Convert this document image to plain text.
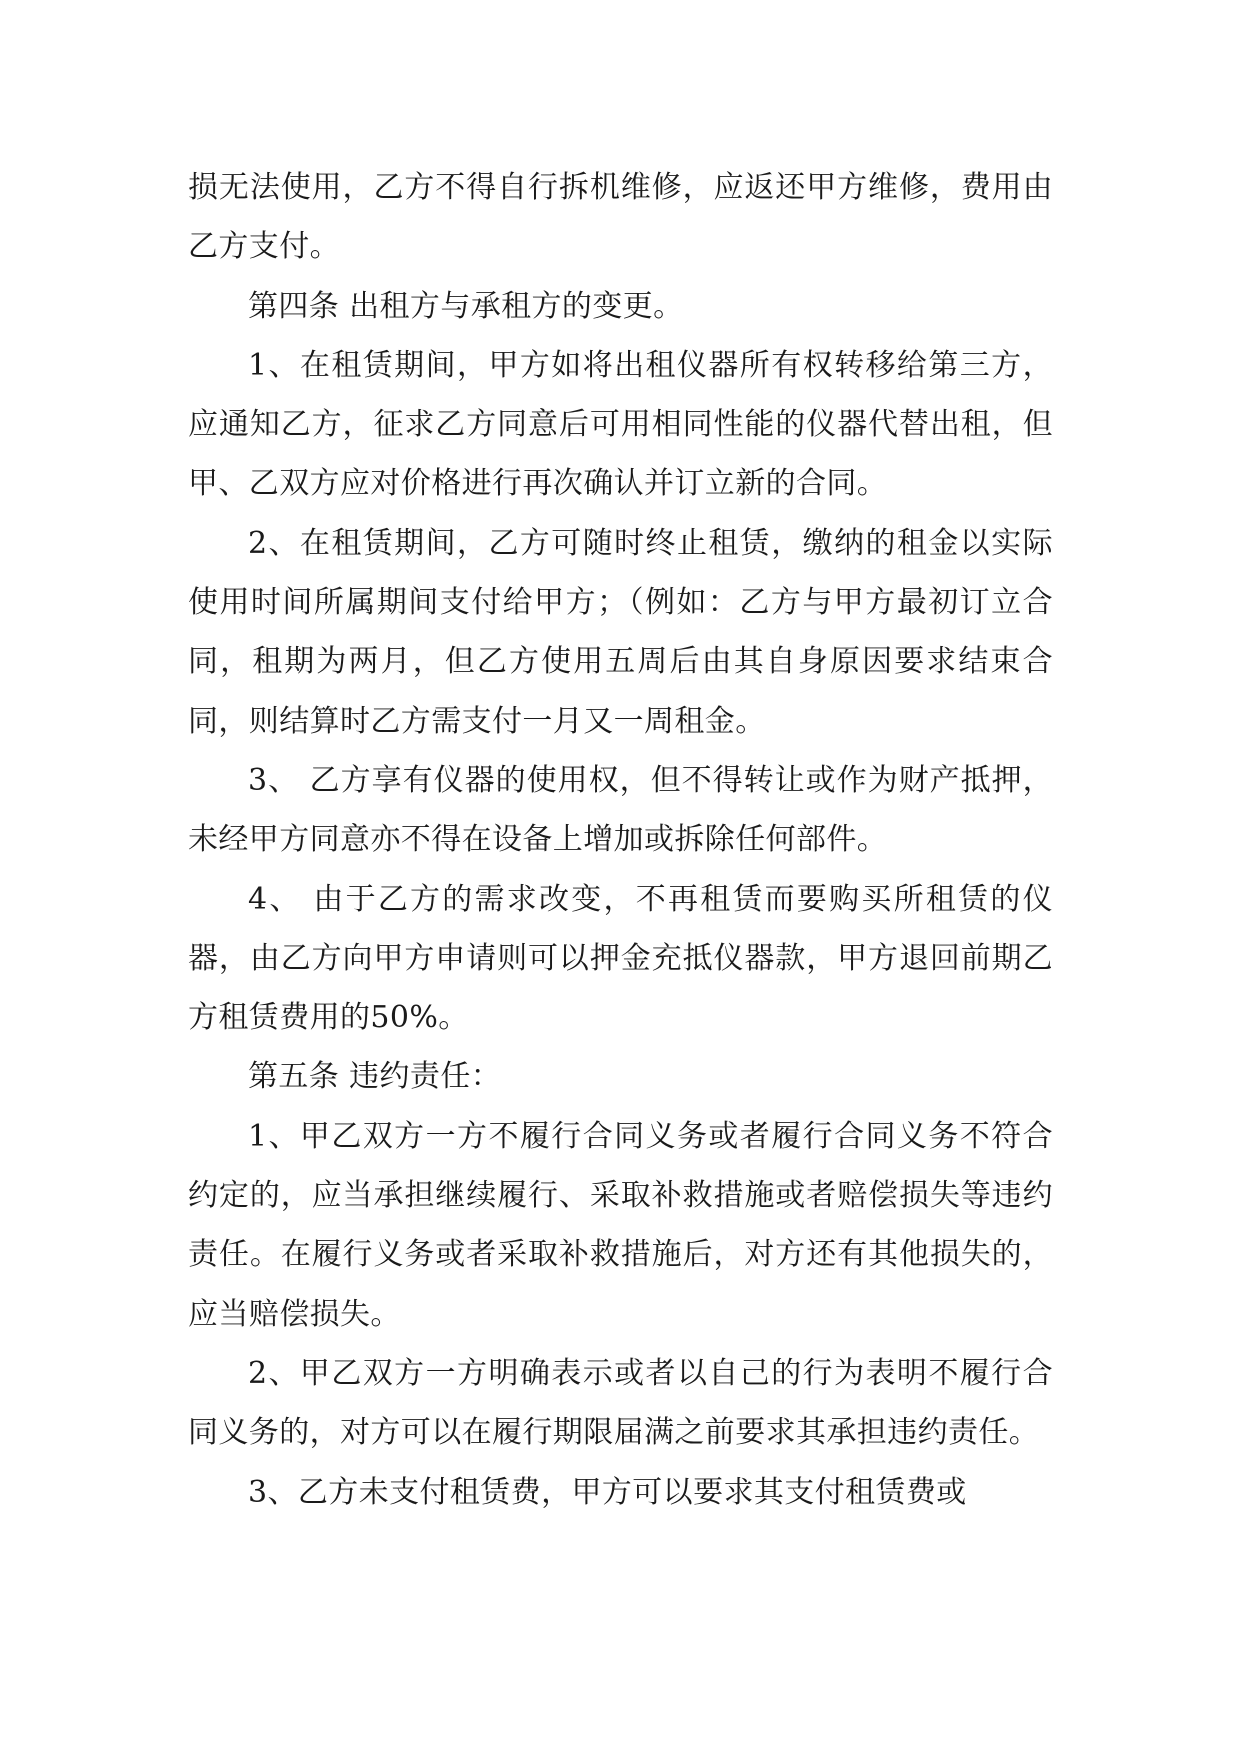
损无法使用，乙方不得自行拆机维修，应返还甲方维修，费用由乙方支付。

第四条 出租方与承租方的变更。

1、在租赁期间，甲方如将出租仪器所有权转移给第三方，应通知乙方，征求乙方同意后可用相同性能的仪器代替出租，但甲、乙双方应对价格进行再次确认并订立新的合同。

2、在租赁期间，乙方可随时终止租赁，缴纳的租金以实际使用时间所属期间支付给甲方；（例如：乙方与甲方最初订立合同，租期为两月，但乙方使用五周后由其自身原因要求结束合同，则结算时乙方需支付一月又一周租金。

3、 乙方享有仪器的使用权，但不得转让或作为财产抵押，未经甲方同意亦不得在设备上增加或拆除任何部件。

4、 由于乙方的需求改变，不再租赁而要购买所租赁的仪器，由乙方向甲方申请则可以押金充抵仪器款，甲方退回前期乙方租赁费用的50%。

第五条 违约责任：

1、甲乙双方一方不履行合同义务或者履行合同义务不符合约定的，应当承担继续履行、采取补救措施或者赔偿损失等违约责任。在履行义务或者采取补救措施后，对方还有其他损失的，应当赔偿损失。

2、甲乙双方一方明确表示或者以自己的行为表明不履行合同义务的，对方可以在履行期限届满之前要求其承担违约责任。

3、乙方未支付租赁费，甲方可以要求其支付租赁费或
